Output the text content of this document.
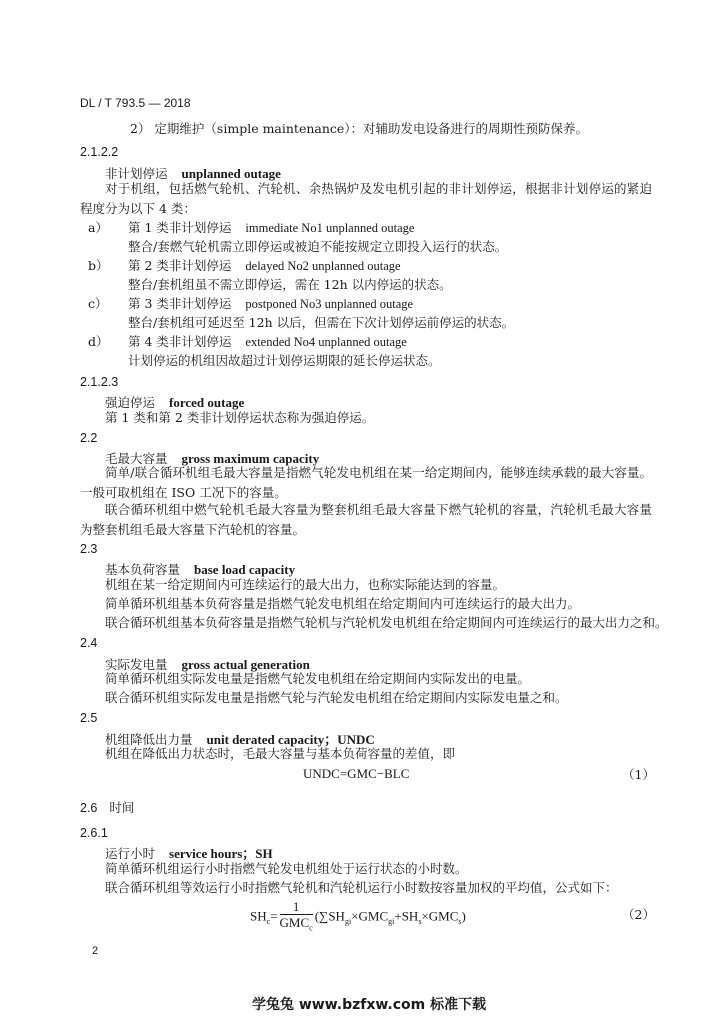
DL / T 793.5 — 2018
2） 定期维护（simple maintenance）：对辅助发电设备进行的周期性预防保养。
2.1.2.2
非计划停运 unplanned outage
对于机组，包括燃气轮机、汽轮机、余热锅炉及发电机引起的非计划停运，根据非计划停运的紧迫程度分为以下 4 类：
a） 第 1 类非计划停运 immediate No1 unplanned outage
整合/套燃气轮机需立即停运或被迫不能按规定立即投入运行的状态。
b） 第 2 类非计划停运 delayed No2 unplanned outage
整台/套机组虽不需立即停运，需在 12h 以内停运的状态。
c） 第 3 类非计划停运 postponed No3 unplanned outage
整台/套机组可延迟至 12h 以后，但需在下次计划停运前停运的状态。
d） 第 4 类非计划停运 extended No4 unplanned outage
计划停运的机组因故超过计划停运期限的延长停运状态。
2.1.2.3
强迫停运 forced outage
第 1 类和第 2 类非计划停运状态称为强迫停运。
2.2
毛最大容量 gross maximum capacity
简单/联合循环机组毛最大容量是指燃气轮发电机组在某一给定期间内，能够连续承载的最大容量。一般可取机组在 ISO 工况下的容量。
联合循环机组中燃气轮机毛最大容量为整套机组毛最大容量下燃气轮机的容量，汽轮机毛最大容量为整套机组毛最大容量下汽轮机的容量。
2.3
基本负荷容量 base load capacity
机组在某一给定期间内可连续运行的最大出力，也称实际能达到的容量。
简单循环机组基本负荷容量是指燃气轮发电机组在给定期间内可连续运行的最大出力。
联合循环机组基本负荷容量是指燃气轮机与汽轮机发电机组在给定期间内可连续运行的最大出力之和。
2.4
实际发电量 gross actual generation
简单循环机组实际发电量是指燃气轮发电机组在给定期间内实际发出的电量。
联合循环机组实际发电量是指燃气轮与汽轮发电机组在给定期间内实际发电量之和。
2.5
机组降低出力量 unit derated capacity；UNDC
机组在降低出力状态时，毛最大容量与基本负荷容量的差值，即
UNDC=GMC−BLC	（1）
2.6 时间
2.6.1
运行小时 service hours；SH
简单循环机组运行小时指燃气轮发电机组处于运行状态的小时数。
联合循环机组等效运行小时指燃气轮机和汽轮机运行小时数按容量加权的平均值，公式如下：
$SH_c= \frac{1}{GMC_c} (\sum SH_{gi}\times GMC_{gi}+SH_s\times GMC_s)$	（2）
2
学兔兔 www.bzfxw.com 标准下载
